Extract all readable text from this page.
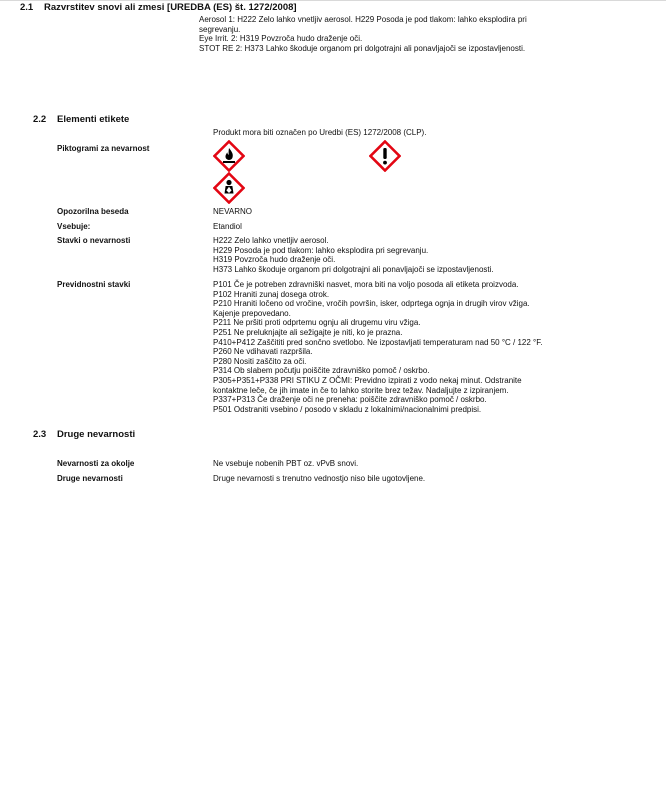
2.1 Razvrstitev snovi ali zmesi [UREDBA (ES) št. 1272/2008]
Aerosol 1: H222 Zelo lahko vnetljiv aerosol. H229 Posoda je pod tlakom: lahko eksplodira pri
segrevanju.
Eye Irrit. 2: H319 Povzroča hudo draženje oči.
STOT RE 2: H373 Lahko škoduje organom pri dolgotrajni ali ponavljajoči se izpostavljenosti.
2.2 Elementi etikete
Produkt mora biti označen po Uredbi (ES) 1272/2008 (CLP).
Piktogrami za nevarnost
Opozorilna beseda	NEVARNO
Vsebuje:	Etandiol
Stavki o nevarnosti	H222 Zelo lahko vnetljiv aerosol.
H229 Posoda je pod tlakom: lahko eksplodira pri segrevanju.
H319 Povzroča hudo draženje oči.
H373 Lahko škoduje organom pri dolgotrajni ali ponavljajoči se izpostavljenosti.
Previdnostni stavki	P101 Če je potreben zdravniški nasvet, mora biti na voljo posoda ali etiketa proizvoda.
P102 Hraniti zunaj dosega otrok.
P210 Hraniti ločeno od vročine, vročih površin, isker, odprtega ognja in drugih virov vžiga.
Kajenje prepovedano.
P211 Ne pršiti proti odprtemu ognju ali drugemu viru vžiga.
P251 Ne preluknjajte ali sežigajte je niti, ko je prazna.
P410+P412 Zaščititi pred sončno svetlobo. Ne izpostavljati temperaturam nad 50 °C / 122 °F.
P260 Ne vdihavati razpršila.
P280 Nositi zaščito za oči.
P314 Ob slabem počutju poiščite zdravniško pomoč / oskrbo.
P305+P351+P338 PRI STIKU Z OČMI: Previdno izpirati z vodo nekaj minut. Odstranite
kontaktne leče, če jih imate in če to lahko storite brez težav. Nadaljujte z izpiranjem.
P337+P313 Če draženje oči ne preneha: poiščite zdravniško pomoč / oskrbo.
P501 Odstraniti vsebino / posodo v skladu z lokalnimi/nacionalnimi predpisi.
2.3 Druge nevarnosti
Nevarnosti za okolje	Ne vsebuje nobenih PBT oz. vPvB snovi.
Druge nevarnosti	Druge nevarnosti s trenutno vednostjo niso bile ugotovljene.
